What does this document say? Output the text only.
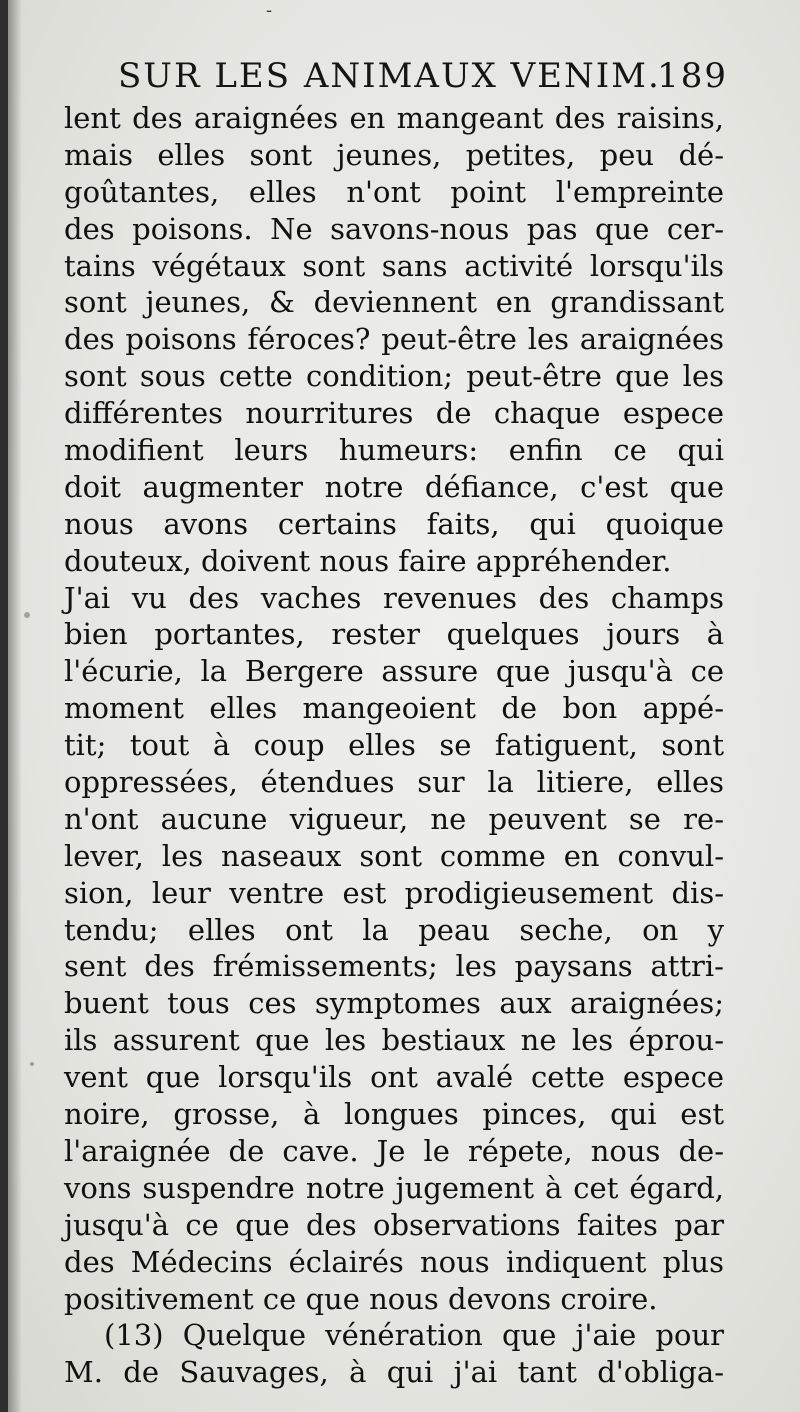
-
SUR LES ANIMAUX VENIM.
189
lent des araignées en mangeant des raisins,
mais elles sont jeunes, petites, peu dé-
goûtantes, elles n'ont point l'empreinte
des poisons. Ne savons-nous pas que cer-
tains végétaux sont sans activité lorsqu'ils
sont jeunes, & deviennent en grandissant
des poisons féroces? peut-être les araignées
sont sous cette condition; peut-être que les
différentes nourritures de chaque espece
modifient leurs humeurs: enfin ce qui
doit augmenter notre défiance, c'est que
nous avons certains faits, qui quoique
douteux, doivent nous faire appréhender.
J'ai vu des vaches revenues des champs
bien portantes, rester quelques jours à
l'écurie, la Bergere assure que jusqu'à ce
moment elles mangeoient de bon appé-
tit; tout à coup elles se fatiguent, sont
oppressées, étendues sur la litiere, elles
n'ont aucune vigueur, ne peuvent se re-
lever, les naseaux sont comme en convul-
sion, leur ventre est prodigieusement dis-
tendu; elles ont la peau seche, on y
sent des frémissements; les paysans attri-
buent tous ces symptomes aux araignées;
ils assurent que les bestiaux ne les éprou-
vent que lorsqu'ils ont avalé cette espece
noire, grosse, à longues pinces, qui est
l'araignée de cave. Je le répete, nous de-
vons suspendre notre jugement à cet égard,
jusqu'à ce que des observations faites par
des Médecins éclairés nous indiquent plus
positivement ce que nous devons croire.
(13) Quelque vénération que j'aie pour
M. de Sauvages, à qui j'ai tant d'obliga-
